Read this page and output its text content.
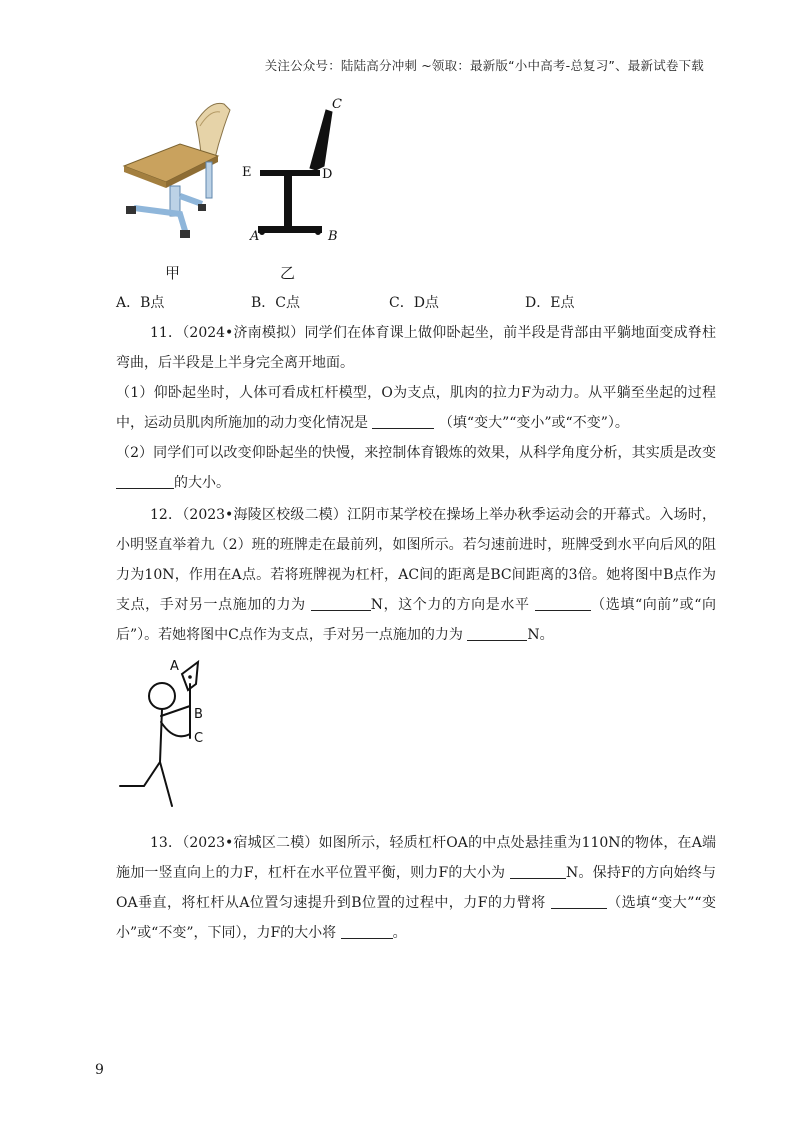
关注公众号：陆陆高分冲刺 ~领取：最新版“小中高考-总复习”、最新试卷下载
C
E	D
A	B
甲	乙
A．B点	B．C点	C．D点	D．E点

11．（2024•济南模拟）同学们在体育课上做仰卧起坐，前半段是背部由平躺地面变成脊柱弯曲，后半段是上半身完全离开地面。

（1）仰卧起坐时，人体可看成杠杆模型，O为支点，肌肉的拉力F为动力。从平躺至坐起的过程中，运动员肌肉所施加的动力变化情况是	（填“变大”“变小”或“不变”）。

（2）同学们可以改变仰卧起坐的快慢，来控制体育锻炼的效果，从科学角度分析，其实质是改变 的大小。

12．（2023•海陵区校级二模）江阴市某学校在操场上举办秋季运动会的开幕式。入场时，小明竖直举着九（2）班的班牌走在最前列，如图所示。若匀速前进时，班牌受到水平向后风的阻力为10N，作用在A点。若将班牌视为杠杆，AC间的距离是BC间距离的3倍。她将图中B点作为支点，手对另一点施加的力为	N，这个力的方向是水平	（选填“向前”或“向后”）。若她将图中C点作为支点，手对另一点施加的力为	N。

A
B
C

13．（2023•宿城区二模）如图所示，轻质杠杆OA的中点处悬挂重为110N的物体，在A端施加一竖直向上的力F，杠杆在水平位置平衡，则力F的大小为	N。保持F的方向始终与OA垂直，将杠杆从A位置匀速提升到B位置的过程中，力F的力臂将	（选填“变大”“变小”或“不变”，下同），力F的大小将	。

9
